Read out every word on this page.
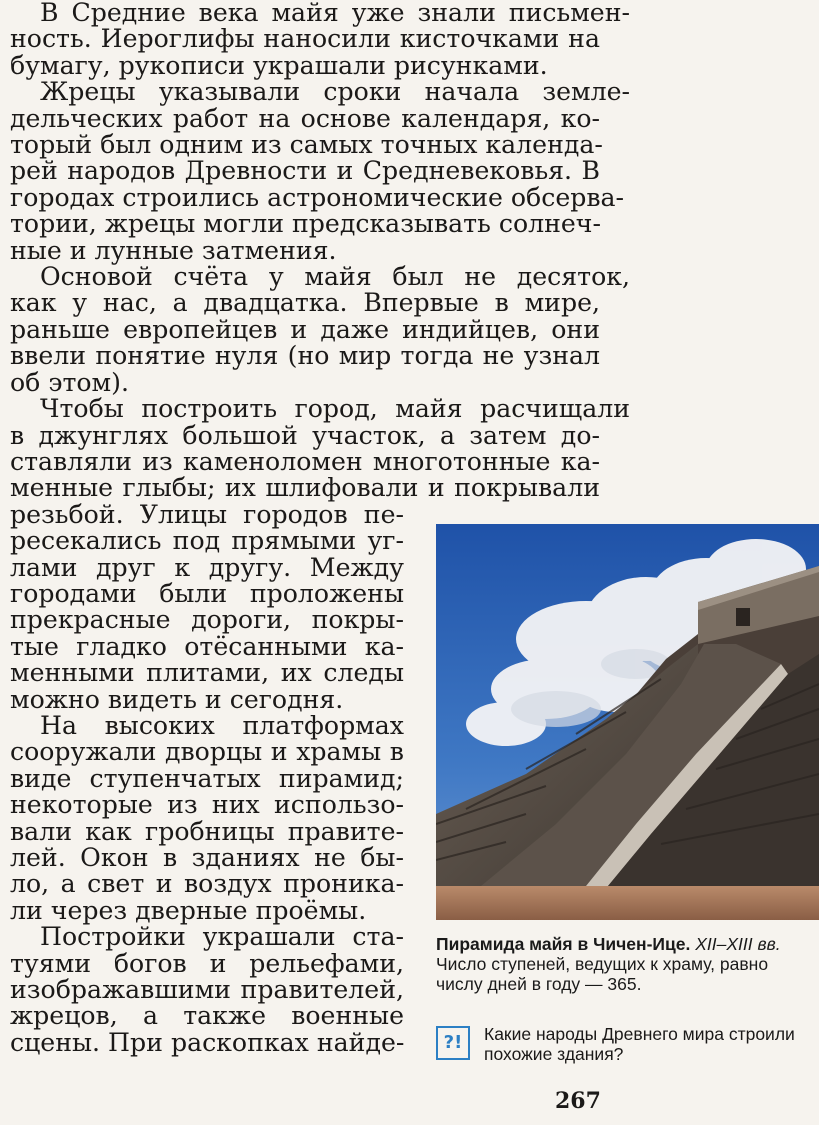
В Средние века майя уже знали письмен-
ность. Иероглифы наносили кисточками на
бумагу, рукописи украшали рисунками.
Жрецы указывали сроки начала земле-
дельческих работ на основе календаря, ко-
торый был одним из самых точных календа-
рей народов Древности и Средневековья. В
городах строились астрономические обсерва-
тории, жрецы могли предсказывать солнеч-
ные и лунные затмения.
Основой счёта у майя был не десяток,
как у нас, а двадцатка. Впервые в мире,
раньше европейцев и даже индийцев, они
ввели понятие нуля (но мир тогда не узнал
об этом).
Чтобы построить город, майя расчищали
в джунглях большой участок, а затем до-
ставляли из каменоломен многотонные ка-
менные глыбы; их шлифовали и покрывали
резьбой. Улицы городов пе-
ресекались под прямыми уг-
лами друг к другу. Между
городами были проложены
прекрасные дороги, покры-
тые гладко отёсанными ка-
менными плитами, их следы
можно видеть и сегодня.
На высоких платформах
сооружали дворцы и храмы в
виде ступенчатых пирамид;
некоторые из них использо-
вали как гробницы правите-
лей. Окон в зданиях не бы-
ло, а свет и воздух проника-
ли через дверные проёмы.
Постройки украшали ста-
туями богов и рельефами,
изображавшими правителей,
жрецов, а также военные
сцены. При раскопках найде-
Пирамида майя в Чичен-Ице. XII–XIII вв. Число ступеней, ведущих к храму, равно числу дней в году — 365.
?!	Какие народы Древнего мира строили похожие здания?
267
